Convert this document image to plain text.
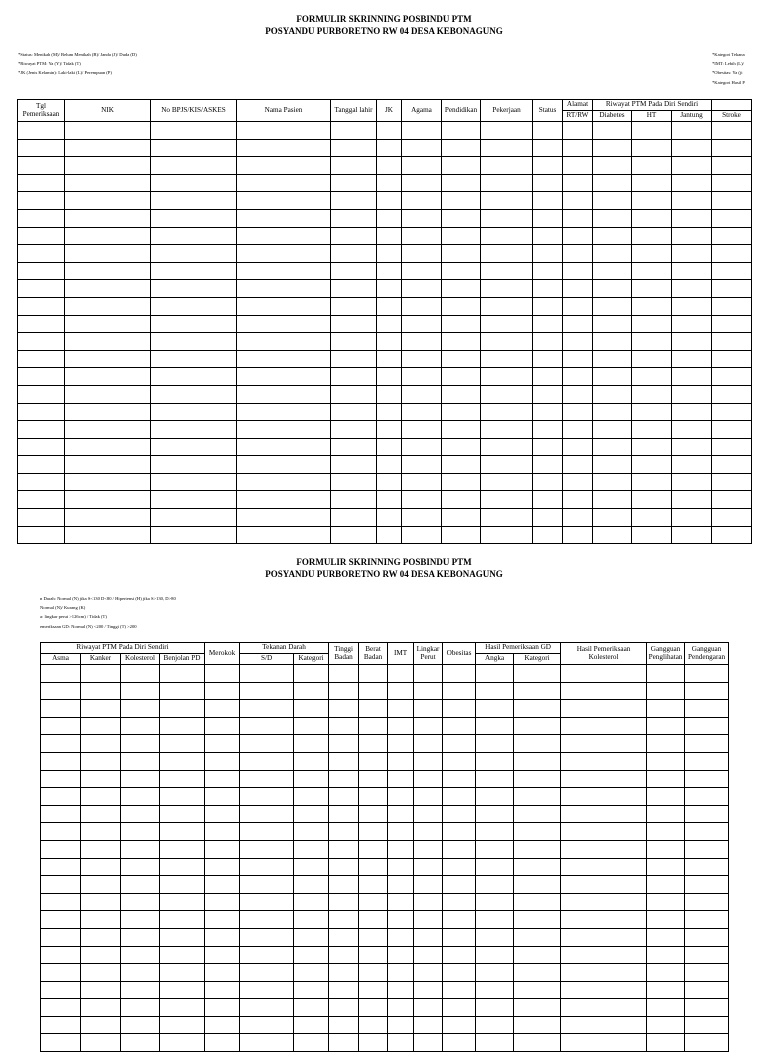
FORMULIR SKRINNING POSBINDU PTM
POSYANDU PURBORETNO RW 04 DESA KEBONAGUNG
*Status: Menikah (M)/ Belum Menikah (B)/ Janda (J)/ Duda (D)
*Riwayat PTM: Ya (Y)/ Tidak (T)
*JK (Jenis Kelamin): Laki-laki (L)/ Perempuan (P)
*Kategori Tekana
*IMT: Lebih (L)/
*Obesitas: Ya (ji
*Kategori Hasil P
Tgl Pemeriksaan	NIK	No BPJS/KIS/ASKES	Nama Pasien	Tanggal lahir	JK	Agama	Pendidikan	Pekerjaan	Status	Alamat	Riwayat PTM Pada Diri Sendiri			
										RT/RW	Diabetes	HT	Jantung	Stroke

FORMULIR SKRINNING POSBINDU PTM
POSYANDU PURBORETNO RW 04 DESA KEBONAGUNG
n Darah: Normal (N) jika S<130 D<80 / Hipertensi (H) jika S>130, D>80
Normal (N)/ Kurang (K)
a: lingkar perut >126cm) / Tidak (T)
emeriksaan GD: Normal (N) <200 / Tinggi (T) >200
Riwayat PTM Pada Diri Sendiri				Merokok	Tekanan Darah		Tinggi Badan	Berat Badan	IMT	Lingkar Perut	Obesitas	Hasil Pemeriksaan GD		Hasil Pemeriksaan Kolesterol	Gangguan Penglihatan	Gangguan Pendengaran
Asma	Kanker	Kolesterol	Benjolan PD		S/D	Kategori						Angka	Kategori			
